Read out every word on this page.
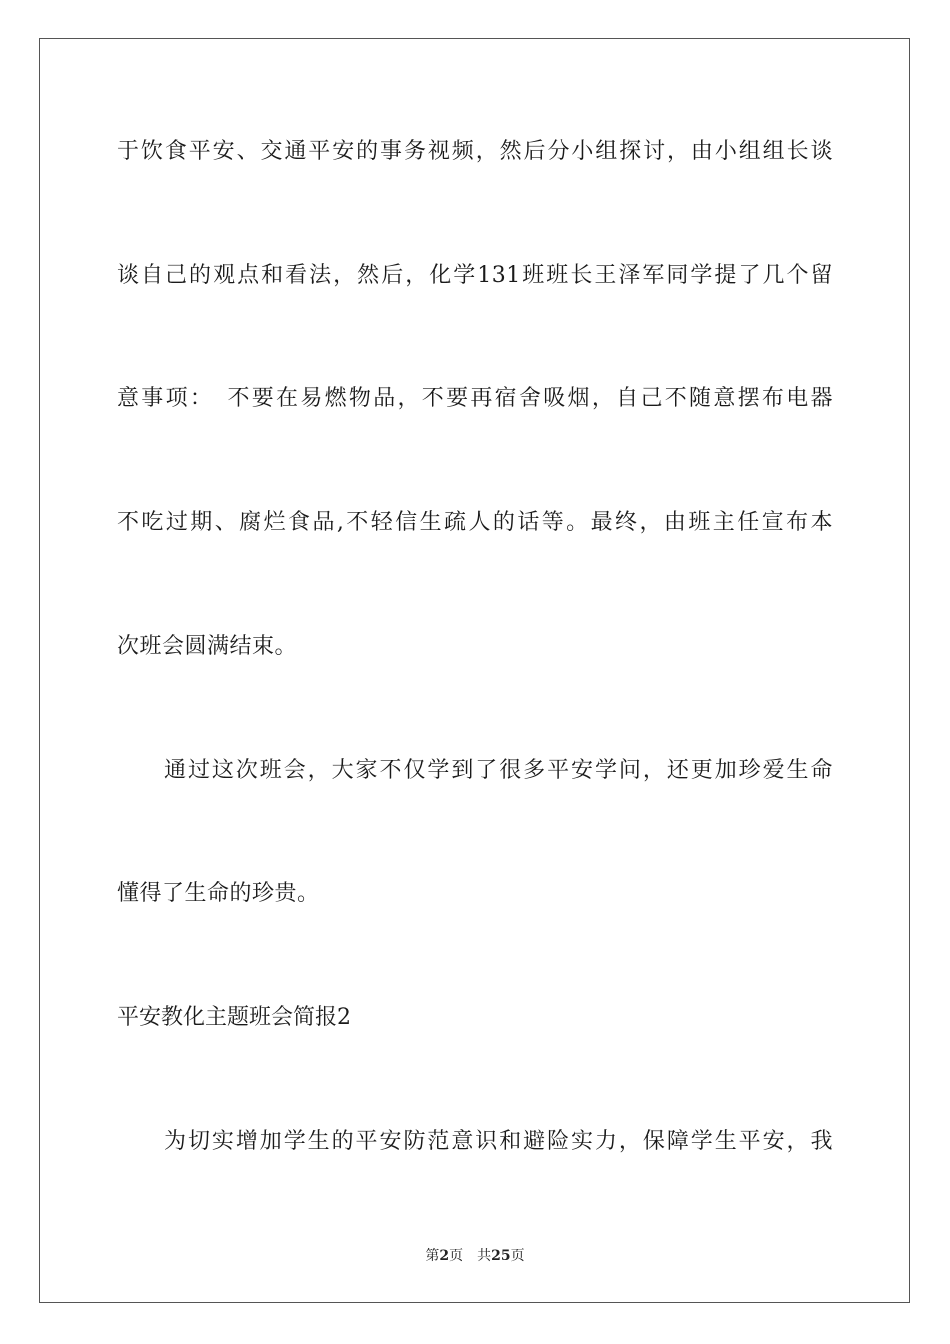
于饮食平安、交通平安的事务视频，然后分小组探讨，由小组组长谈
谈自己的观点和看法，然后，化学131班班长王泽军同学提了几个留
意事项：　不要在易燃物品，不要再宿舍吸烟，自己不随意摆布电器
不吃过期、腐烂食品,不轻信生疏人的话等。最终，由班主任宣布本
次班会圆满结束。
通过这次班会，大家不仅学到了很多平安学问，还更加珍爱生命
懂得了生命的珍贵。
平安教化主题班会简报2
为切实增加学生的平安防范意识和避险实力，保障学生平安，我
第2页 共25页
